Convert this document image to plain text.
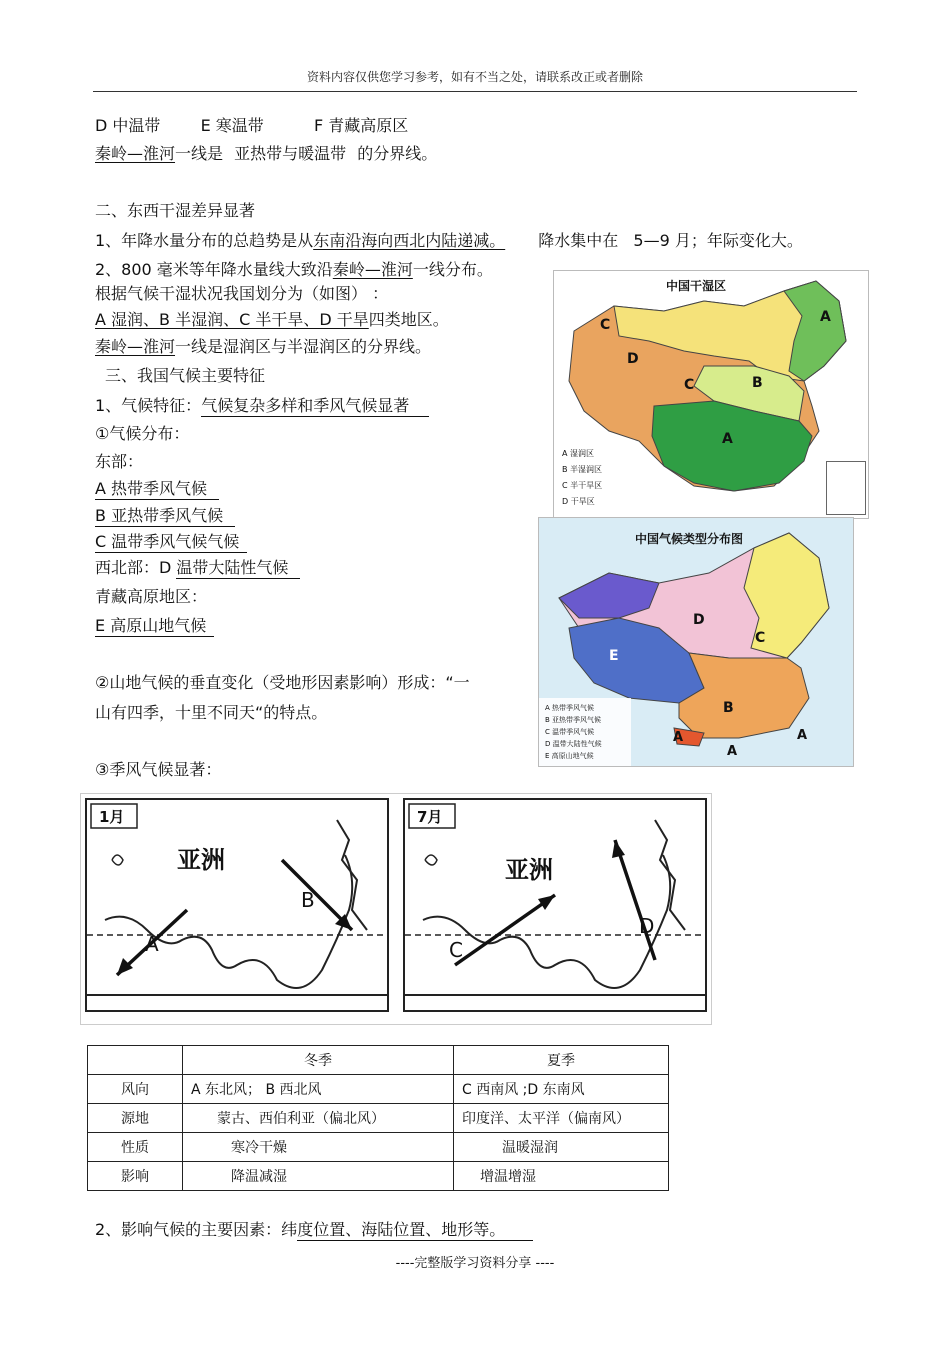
资料内容仅供您学习参考，如有不当之处，请联系改正或者删除
D 中温带	E 寒温带	F 青藏高原区
秦岭—淮河一线是 亚热带与暖温带 的分界线。
二、东西干湿差异显著
1、年降水量分布的总趋势是从东南沿海向西北内陆递减。 降水集中在 5—9 月；年际变化大。
2、800 毫米等年降水量线大致沿秦岭—淮河一线分布。
根据气候干湿状况我国划分为（如图） ：
A 湿润、B 半湿润、C 半干旱、D 干旱四类地区。
秦岭—淮河一线是湿润区与半湿润区的分界线。
三、我国气候主要特征
1、气候特征：气候复杂多样和季风气候显著
①气候分布：
东部：
A 热带季风气候
B 亚热带季风气候
C 温带季风气候气候
西北部：D 温带大陆性气候
青藏高原地区：
E 高原山地气候
②山地气候的垂直变化（受地形因素影响）形成：“一
山有四季，十里不同天“的特点。
③季风气候显著：
中国干湿区
A
B
C
D
C
A
A 湿润区
B 半湿润区
C 半干旱区
D 干旱区
中国气候类型分布图
D
C
E
B
A
A
A
A 热带季风气候
B 亚热带季风气候
C 温带季风气候
D 温带大陆性气候
E 高原山地气候
1月
亚洲
A
B
7月
亚洲
C
D
	冬季	夏季
风向	A 东北风； B 西北风	C 西南风 ;D 东南风
源地	蒙古、西伯利亚（偏北风）	印度洋、太平洋（偏南风）
性质	寒冷干燥	温暖湿润
影响	降温减湿	增温增湿
2、影响气候的主要因素：纬度位置、海陆位置、地形等。
----完整版学习资料分享 ----
